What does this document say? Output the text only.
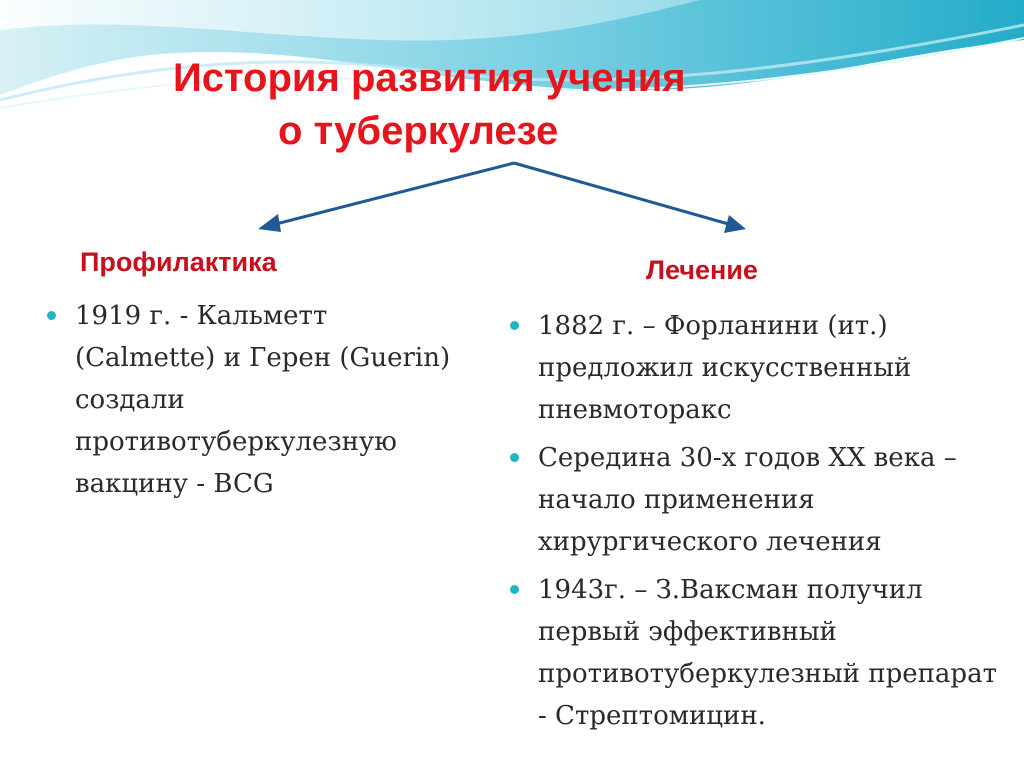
История развития учения
о туберкулезе
Профилактика	Лечение
1919 г. - Кальметт (Calmette) и Герен (Guerin) создали противотуберкулезную вакцину - BCG
1882 г. – Форланини (ит.) предложил искусственный пневмоторакс
Середина 30-х годов XX века – начало применения хирургического лечения
1943г. – З.Ваксман получил первый эффективный противотуберкулезный препарат - Стрептомицин.
